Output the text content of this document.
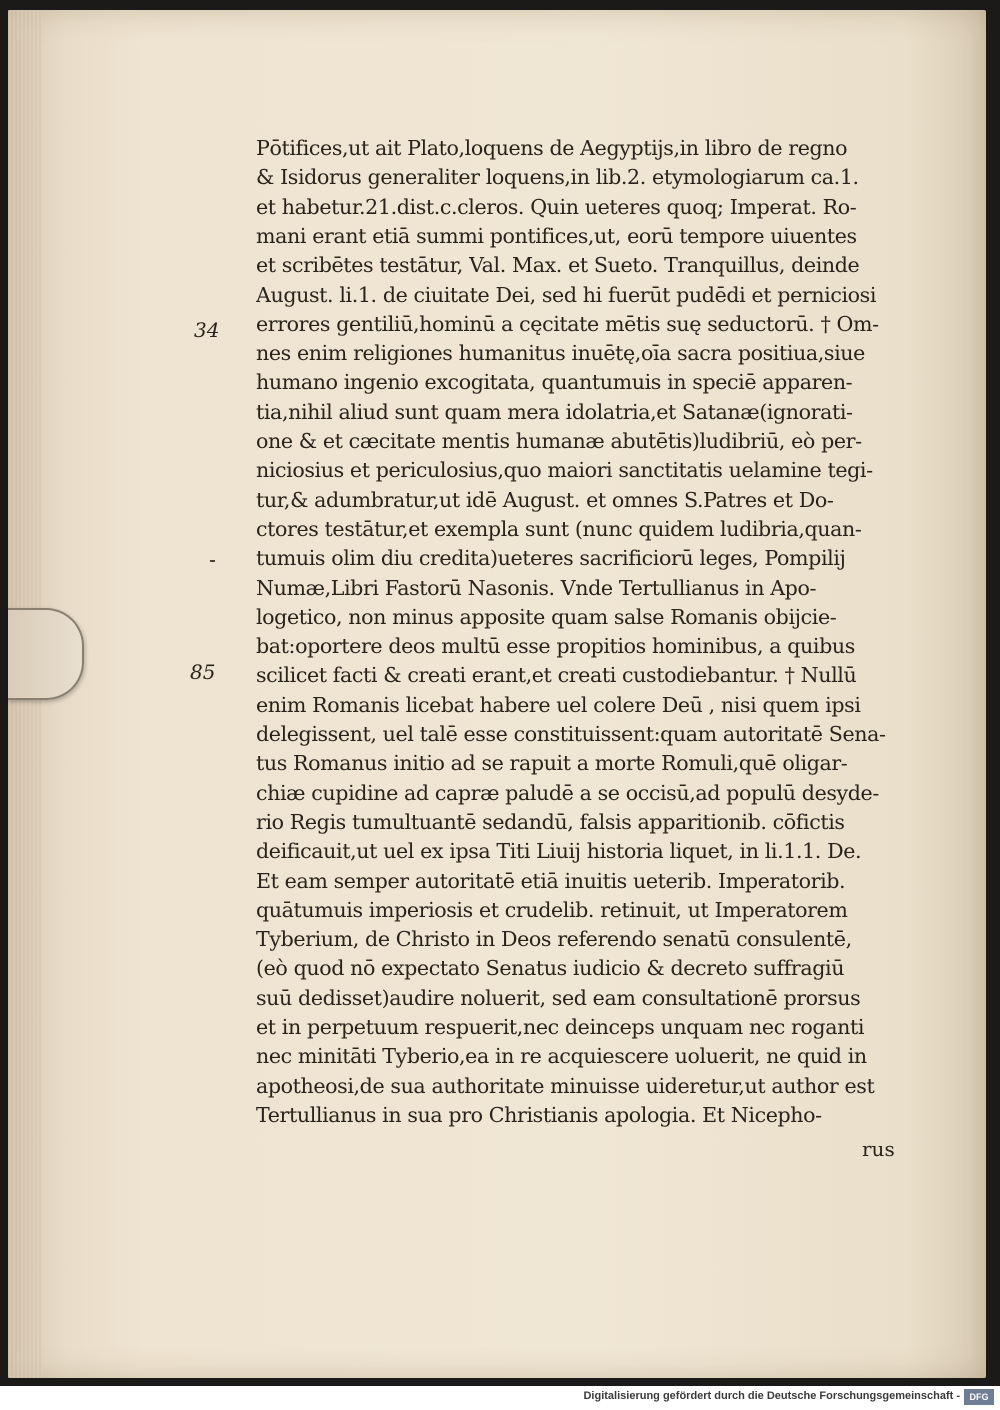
34
85
Pōtifices,ut ait Plato,loquens de Aegyptijs,in libro de regno
& Isidorus generaliter loquens,in lib.2. etymologiarum ca.1.
et habetur.21.dist.c.cleros. Quin ueteres quoq; Imperat. Ro-
mani erant etiā summi pontifices,ut, eorū tempore uiuentes
et scribētes testātur, Val. Max. et Sueto. Tranquillus, deinde
August. li.1. de ciuitate Dei, sed hi fuerūt pudēdi et perniciosi
errores gentiliū,hominū a cęcitate mētis suę seductorū. † Om-
nes enim religiones humanitus inuētę,oīa sacra positiua,siue
humano ingenio excogitata, quantumuis in speciē apparen-
tia,nihil aliud sunt quam mera idolatria,et Satanæ(ignorati-
one & et cæcitate mentis humanæ abutētis)ludibriū, eò per-
niciosius et periculosius,quo maiori sanctitatis uelamine tegi-
tur,& adumbratur,ut idē August. et omnes S.Patres et Do-
ctores testātur,et exempla sunt (nunc quidem ludibria,quan-
tumuis olim diu credita)ueteres sacrificiorū leges, Pompilij
Numæ,Libri Fastorū Nasonis. Vnde Tertullianus in Apo-
logetico, non minus apposite quam salse Romanis obijcie-
bat:oportere deos multū esse propitios hominibus, a quibus
scilicet facti & creati erant,et creati custodiebantur. † Nullū
enim Romanis licebat habere uel colere Deū , nisi quem ipsi
delegissent, uel talē esse constituissent:quam autoritatē Sena-
tus Romanus initio ad se rapuit a morte Romuli,quē oligar-
chiæ cupidine ad capræ paludē a se occisū,ad populū desyde-
rio Regis tumultuantē sedandū, falsis apparitionib. cōfictis
deificauit,ut uel ex ipsa Titi Liuij historia liquet, in li.1.1. De.
Et eam semper autoritatē etiā inuitis ueterib. Imperatorib.
quātumuis imperiosis et crudelib. retinuit, ut Imperatorem
Tyberium, de Christo in Deos referendo senatū consulentē,
(eò quod nō expectato Senatus iudicio & decreto suffragiū
suū dedisset)audire noluerit, sed eam consultationē prorsus
et in perpetuum respuerit,nec deinceps unquam nec roganti
nec minitāti Tyberio,ea in re acquiescere uoluerit, ne quid in
apotheosi,de sua authoritate minuisse uideretur,ut author est
Tertullianus in sua pro Christianis apologia. Et Nicepho-
rus
Digitalisierung gefördert durch die Deutsche Forschungsgemeinschaft -	DFG
